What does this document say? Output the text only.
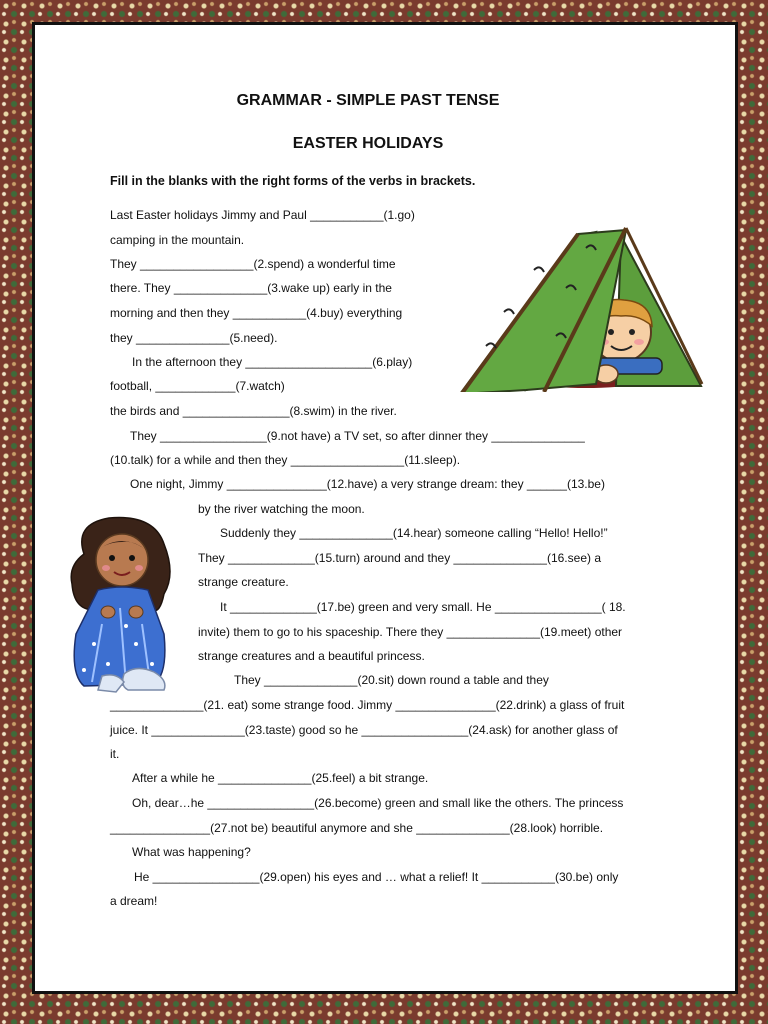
GRAMMAR - SIMPLE PAST TENSE
EASTER HOLIDAYS
Fill in the blanks with the right forms of the verbs in brackets.
Last Easter holidays Jimmy and Paul ___________(1.go)
camping in the mountain.
They _________________(2.spend) a wonderful time
there. They ______________(3.wake up) early in the
morning and then they ___________(4.buy) everything
they ______________(5.need).
In the afternoon they ___________________(6.play)
football, ____________(7.watch)
the birds and ________________(8.swim) in the river.
They ________________(9.not have) a TV set, so after dinner they ______________
(10.talk) for a while and then they _________________(11.sleep).
One night, Jimmy _______________(12.have) a very strange dream: they ______(13.be)
by the river watching the moon.
Suddenly they ______________(14.hear) someone calling “Hello! Hello!”
They _____________(15.turn) around and they ______________(16.see) a
strange creature.
It _____________(17.be) green and very small. He ________________( 18.
invite) them to go to his spaceship. There they ______________(19.meet) other
strange creatures and a beautiful princess.
They ______________(20.sit) down round a table and they
______________(21. eat) some strange food. Jimmy _______________(22.drink) a glass of fruit
juice. It ______________(23.taste) good so he ________________(24.ask) for another glass of
it.
After a while he ______________(25.feel) a bit strange.
Oh, dear…he ________________(26.become) green and small like the others. The princess
_______________(27.not be) beautiful anymore and she ______________(28.look) horrible.
What was happening?
He ________________(29.open) his eyes and … what a relief! It ___________(30.be) only
a dream!
